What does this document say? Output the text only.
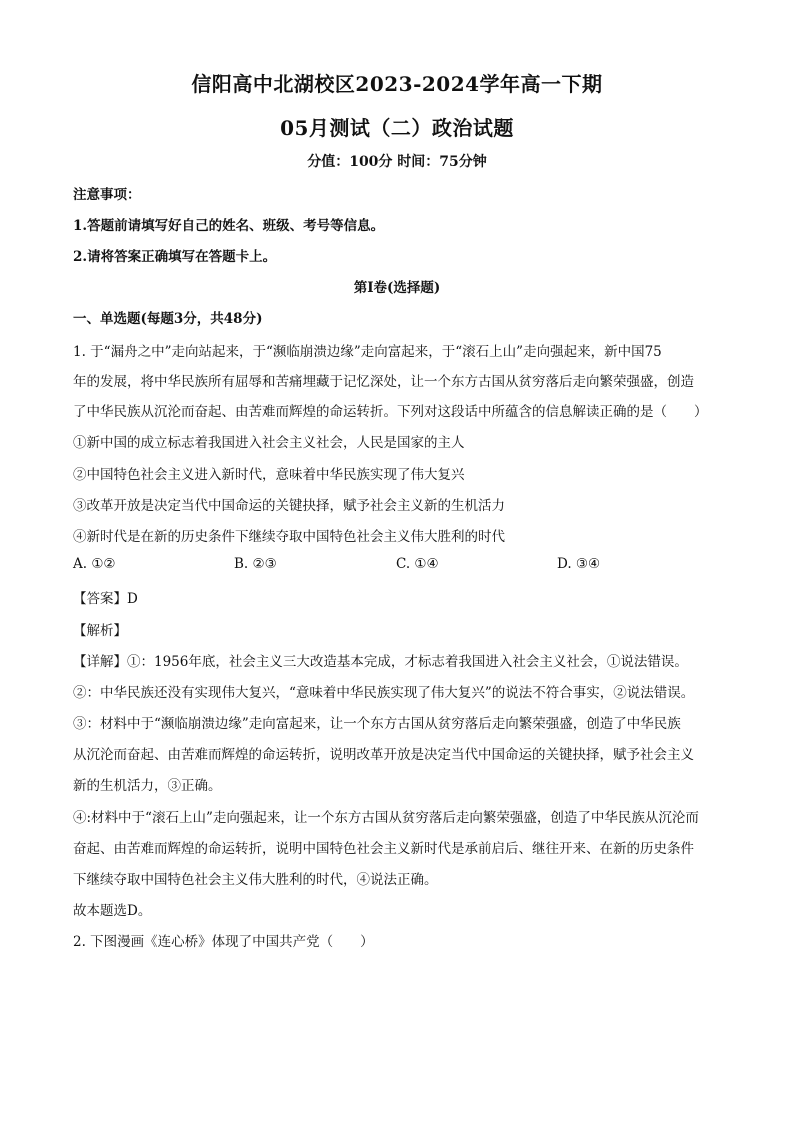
信阳高中北湖校区2023-2024学年高一下期
05月测试（二）政治试题
分值：100分 时间：75分钟
注意事项：
1.答题前请填写好自己的姓名、班级、考号等信息。
2.请将答案正确填写在答题卡上。
第I卷(选择题)
一、单选题(每题3分，共48分)
1. 于“漏舟之中”走向站起来，于“濒临崩溃边缘”走向富起来，于“滚石上山”走向强起来，新中国75
年的发展，将中华民族所有屈辱和苦痛埋藏于记忆深处，让一个东方古国从贫穷落后走向繁荣强盛，创造
了中华民族从沉沦而奋起、由苦难而辉煌的命运转折。下列对这段话中所蕴含的信息解读正确的是（　　）
①新中国的成立标志着我国进入社会主义社会，人民是国家的主人
②中国特色社会主义进入新时代，意味着中华民族实现了伟大复兴
③改革开放是决定当代中国命运的关键抉择，赋予社会主义新的生机活力
④新时代是在新的历史条件下继续夺取中国特色社会主义伟大胜利的时代
A. ①②	B. ②③	C. ①④	D. ③④
【答案】D
【解析】
【详解】①：1956年底，社会主义三大改造基本完成，才标志着我国进入社会主义社会，①说法错误。
②：中华民族还没有实现伟大复兴，“意味着中华民族实现了伟大复兴”的说法不符合事实，②说法错误。
③：材料中于“濒临崩溃边缘”走向富起来，让一个东方古国从贫穷落后走向繁荣强盛，创造了中华民族
从沉沦而奋起、由苦难而辉煌的命运转折，说明改革开放是决定当代中国命运的关键抉择，赋予社会主义
新的生机活力，③正确。
④:材料中于“滚石上山”走向强起来，让一个东方古国从贫穷落后走向繁荣强盛，创造了中华民族从沉沦而
奋起、由苦难而辉煌的命运转折，说明中国特色社会主义新时代是承前启后、继往开来、在新的历史条件
下继续夺取中国特色社会主义伟大胜利的时代，④说法正确。
故本题选D。
2. 下图漫画《连心桥》体现了中国共产党（　　）
